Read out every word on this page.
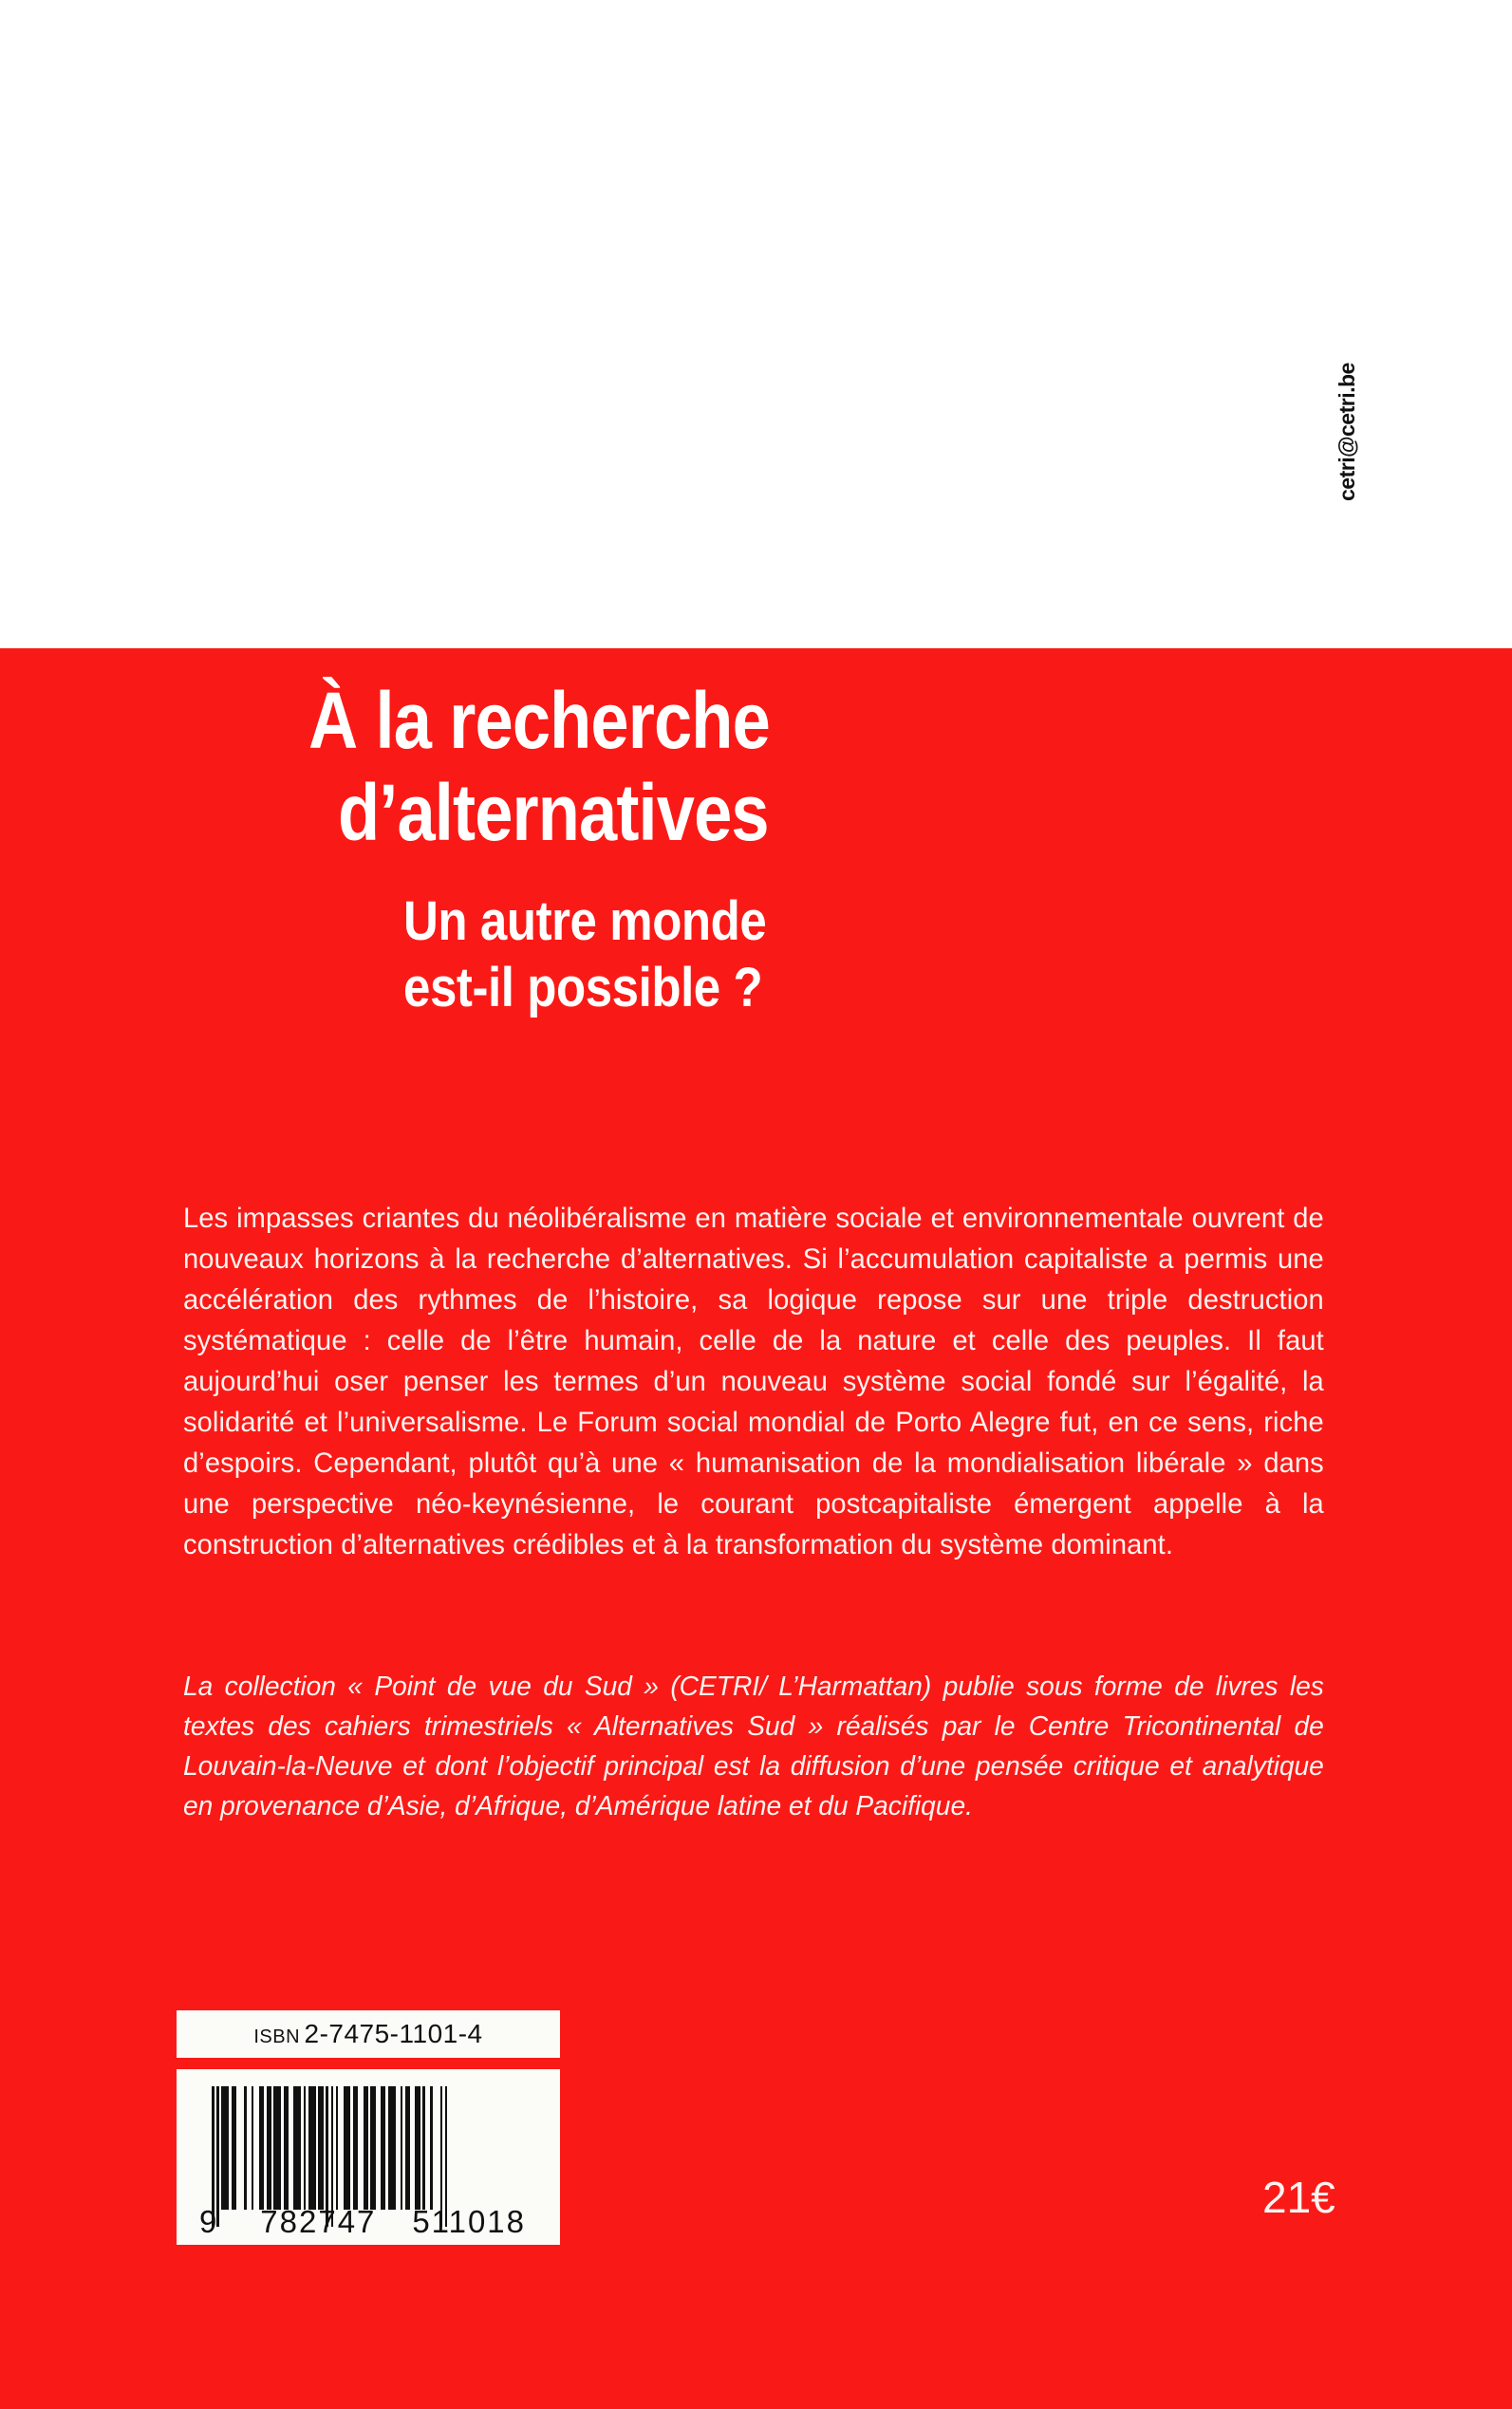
cetri@cetri.be
À la recherche
d’alternatives
Un autre monde
est-il possible ?
Les impasses criantes du néolibéralisme en matière sociale et environnementale ouvrent de nouveaux horizons à la recherche d’alternatives. Si l’accumulation capitaliste a permis une accélération des rythmes de l’histoire, sa logique repose sur une triple destruction systématique : celle de l’être humain, celle de la nature et celle des peuples. Il faut aujourd’hui oser penser les termes d’un nouveau système social fondé sur l’égalité, la solidarité et l’universalisme. Le Forum social mondial de Porto Alegre fut, en ce sens, riche d’espoirs. Cependant, plutôt qu’à une « humanisation de la mondialisation libérale » dans une perspective néo-keynésienne, le courant postcapitaliste émergent appelle à la construction d’alternatives crédibles et à la transformation du système dominant.
La collection « Point de vue du Sud » (CETRI/ L’Harmattan) publie sous forme de livres les textes des cahiers trimestriels « Alternatives Sud » réalisés par le Centre Tricontinental de Louvain-la-Neuve et dont l’objectif principal est la diffusion d’une pensée critique et analytique en provenance d’Asie, d’Afrique, d’Amérique latine et du Pacifique.
ISBN 2-7475-1101-4
9 782747 511018	21€
